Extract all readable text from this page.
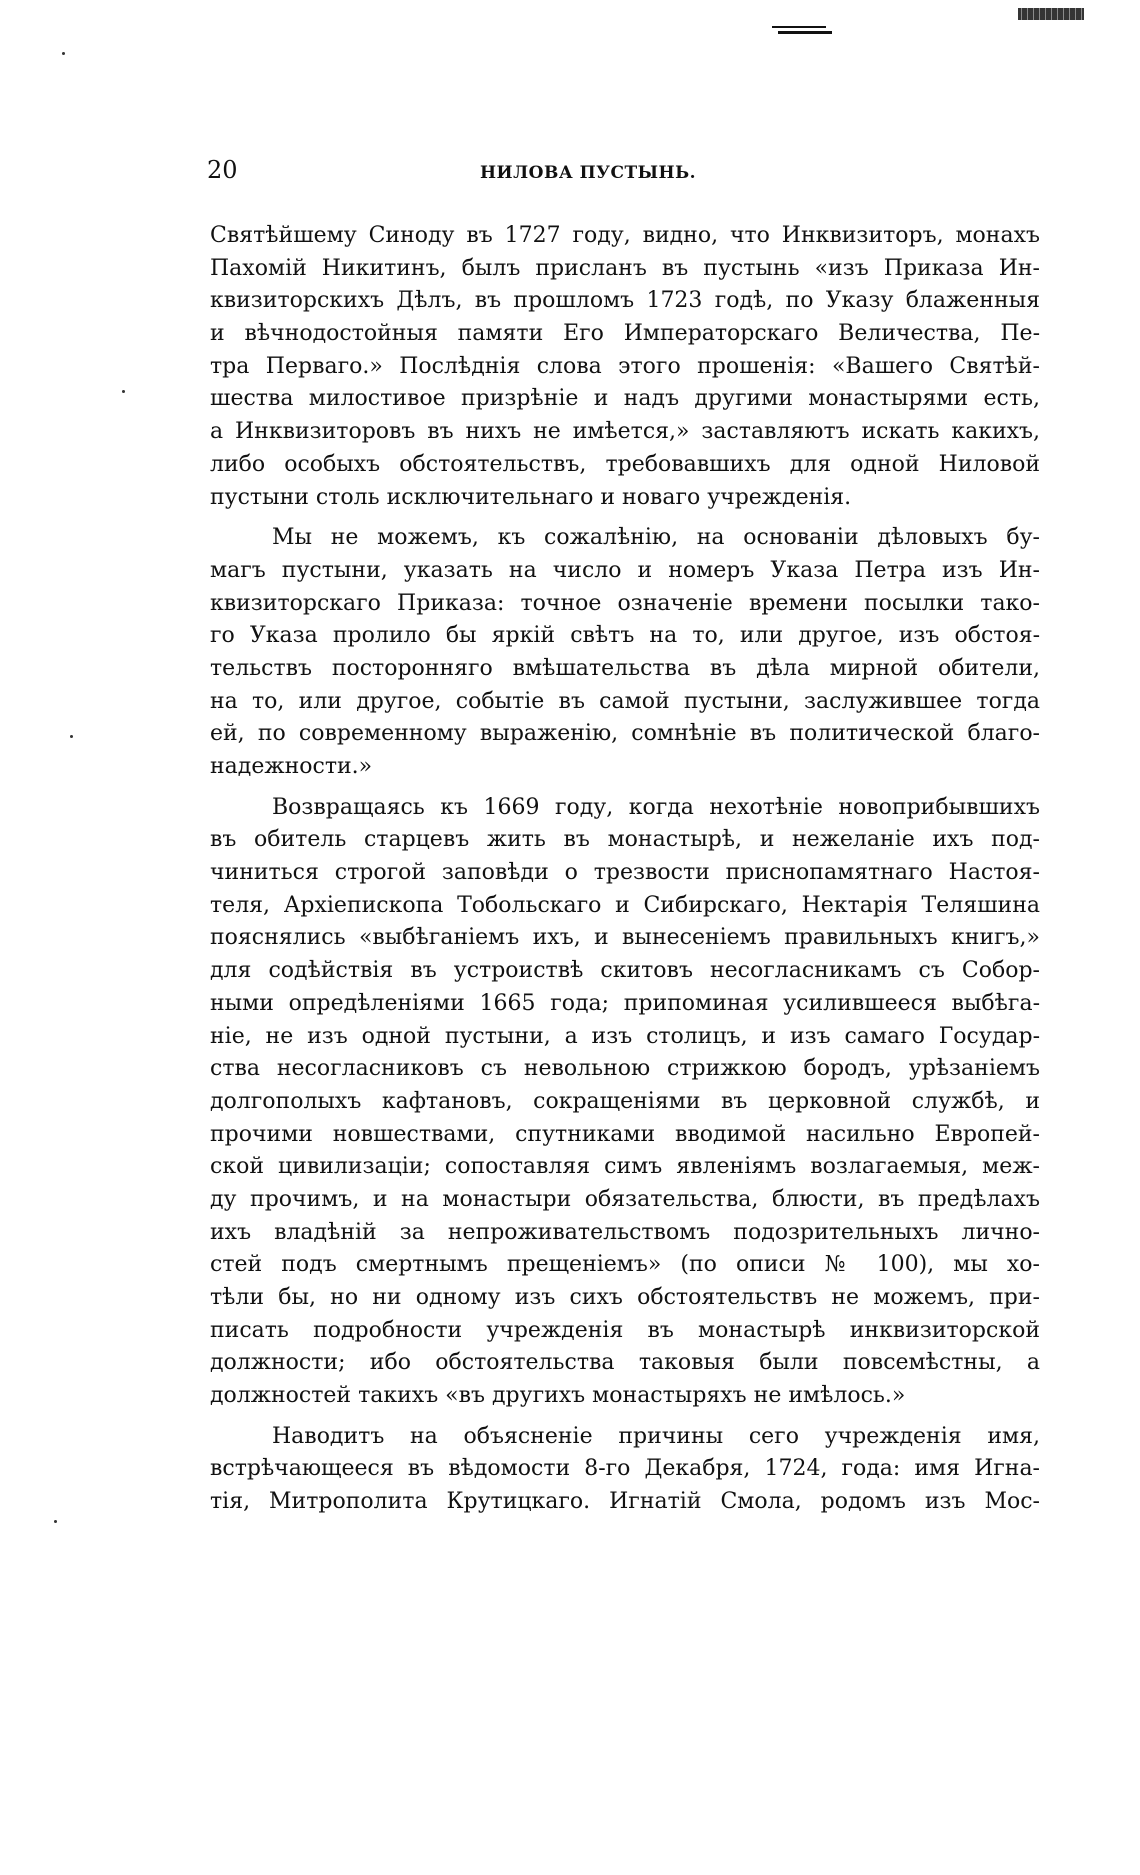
20	НИЛОВА ПУСТЫНЬ.

Святѣйшему Синоду въ 1727 году, видно, что Инквизиторъ, монахъ
Пахомій Никитинъ, былъ присланъ въ пустынь «изъ Приказа Ин-
квизиторскихъ Дѣлъ, въ прошломъ 1723 годѣ, по Указу блаженныя
и вѣчнодостойныя памяти Его Императорскаго Величества, Пе-
тра Перваго.» Послѣднія слова этого прошенія: «Вашего Святѣй-
шества милостивое призрѣніе и надъ другими монастырями есть,
а Инквизиторовъ въ нихъ не имѣется,» заставляютъ искать какихъ,
либо особыхъ обстоятельствъ, требовавшихъ для одной Ниловой
пустыни столь исключительнаго и новаго учрежденія.

Мы не можемъ, къ сожалѣнію, на основаніи дѣловыхъ бу-
магъ пустыни, указать на число и номеръ Указа Петра изъ Ин-
квизиторскаго Приказа: точное означеніе времени посылки тако-
го Указа пролило бы яркій свѣтъ на то, или другое, изъ обстоя-
тельствъ посторонняго вмѣшательства въ дѣла мирной обители,
на то, или другое, событіе въ самой пустыни, заслужившее тогда
ей, по современному выраженію, сомнѣніе въ политической благо-
надежности.»

Возвращаясь къ 1669 году, когда нехотѣніе новоприбывшихъ
въ обитель старцевъ жить въ монастырѣ, и нежеланіе ихъ под-
чиниться строгой заповѣди о трезвости приснопамятнаго Настоя-
теля, Архіепископа Тобольскаго и Сибирскаго, Нектарія Теляшина
пояснялись «выбѣганіемъ ихъ, и вынесеніемъ правильныхъ книгъ,»
для содѣйствія въ устроиствѣ скитовъ несогласникамъ съ Собор-
ными опредѣленіями 1665 года; припоминая усилившееся выбѣга-
ніе, не изъ одной пустыни, а изъ столицъ, и изъ самаго Государ-
ства несогласниковъ съ невольною стрижкою бородъ, урѣзаніемъ
долгополыхъ кафтановъ, сокращеніями въ церковной службѣ, и
прочими новшествами, спутниками вводимой насильно Европей-
ской цивилизаціи; сопоставляя симъ явленіямъ возлагаемыя, меж-
ду прочимъ, и на монастыри обязательства, блюсти, въ предѣлахъ
ихъ владѣній за непроживательствомъ подозрительныхъ лично-
стей подъ смертнымъ прещеніемъ» (по описи № 100), мы хо-
тѣли бы, но ни одному изъ сихъ обстоятельствъ не можемъ, при-
писать подробности учрежденія въ монастырѣ инквизиторской
должности; ибо обстоятельства таковыя были повсемѣстны, а
должностей такихъ «въ другихъ монастыряхъ не имѣлось.»

Наводитъ на объясненіе причины сего учрежденія имя,
встрѣчающееся въ вѣдомости 8-го Декабря, 1724, года: имя Игна-
тія, Митрополита Крутицкаго. Игнатій Смола, родомъ изъ Мос-
